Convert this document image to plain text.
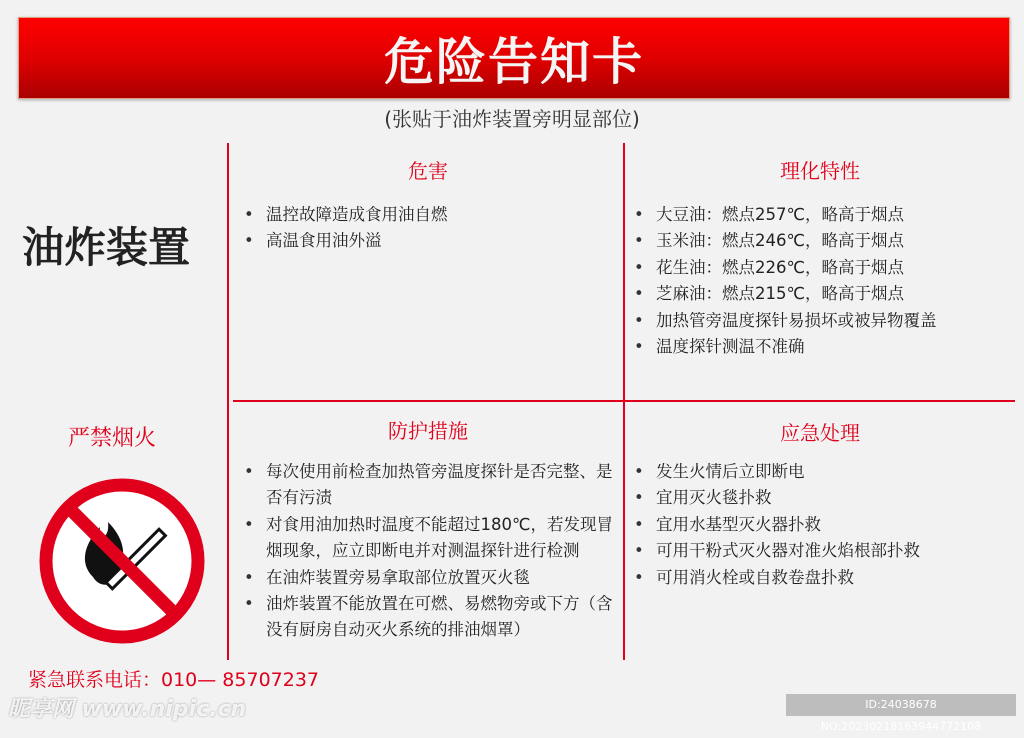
危险告知卡
(张贴于油炸装置旁明显部位)
油炸装置
严禁烟火
危害
• 温控故障造成食用油自燃
• 高温食用油外溢
理化特性
• 大豆油：燃点257℃，略高于烟点
• 玉米油：燃点246℃，略高于烟点
• 花生油：燃点226℃，略高于烟点
• 芝麻油：燃点215℃，略高于烟点
• 加热管旁温度探针易损坏或被异物覆盖
• 温度探针测温不准确
防护措施
• 每次使用前检查加热管旁温度探针是否完整、是否有污渍
• 对食用油加热时温度不能超过180℃，若发现冒烟现象，应立即断电并对测温探针进行检测
• 在油炸装置旁易拿取部位放置灭火毯
• 油炸装置不能放置在可燃、易燃物旁或下方（含没有厨房自动灭火系统的排油烟罩）
应急处理
• 发生火情后立即断电
• 宜用灭火毯扑救
• 宜用水基型灭火器扑救
• 可用干粉式灭火器对准火焰根部扑救
• 可用消火栓或自救卷盘扑救
紧急联系电话：010— 85707237
昵享网 www.nipic.cn	ID:24038678 NO:20230218163944772108
